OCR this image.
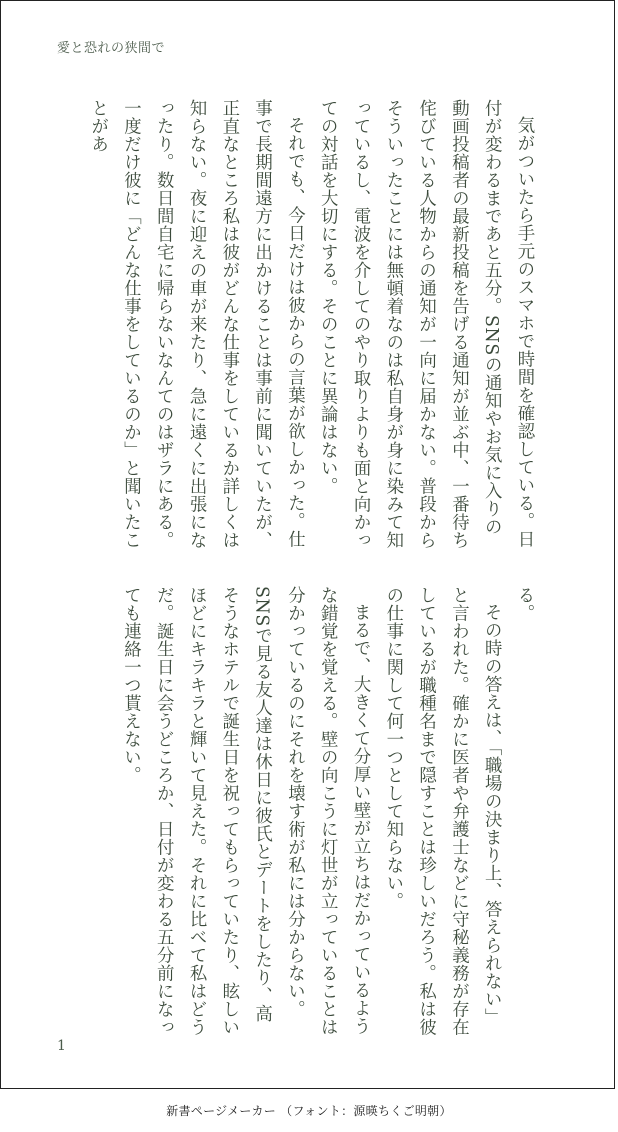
愛と恐れの狭間で

気がついたら手元のスマホで時間を確認している。日付が変わるまであと五分。SNSの通知やお気に入りの動画投稿者の最新投稿を告げる通知が並ぶ中、一番待ち侘びている人物からの通知が一向に届かない。普段からそういったことには無頓着なのは私自身が身に染みて知っているし、電波を介してのやり取りよりも面と向かっての対話を大切にする。そのことに異論はない。

それでも、今日だけは彼からの言葉が欲しかった。仕事で長期間遠方に出かけることは事前に聞いていたが、正直なところ私は彼がどんな仕事をしているか詳しくは知らない。夜に迎えの車が来たり、急に遠くに出張になったり。数日間自宅に帰らないなんてのはザラにある。一度だけ彼に「どんな仕事をしているのか」と聞いたことがあ

る。

その時の答えは、「職場の決まり上、答えられない」と言われた。確かに医者や弁護士などに守秘義務が存在しているが職種名まで隠すことは珍しいだろう。私は彼の仕事に関して何一つとして知らない。

まるで、大きくて分厚い壁が立ちはだかっているような錯覚を覚える。壁の向こうに灯世が立っていることは分かっているのにそれを壊す術が私には分からない。SNSで見る友人達は休日に彼氏とデートをしたり、高そうなホテルで誕生日を祝ってもらっていたり、眩しいほどにキラキラと輝いて見えた。それに比べて私はどうだ。誕生日に会うどころか、日付が変わる五分前になっても連絡一つ貰えない。

1
新書ページメーカー （フォント：源暎ちくご明朝）
